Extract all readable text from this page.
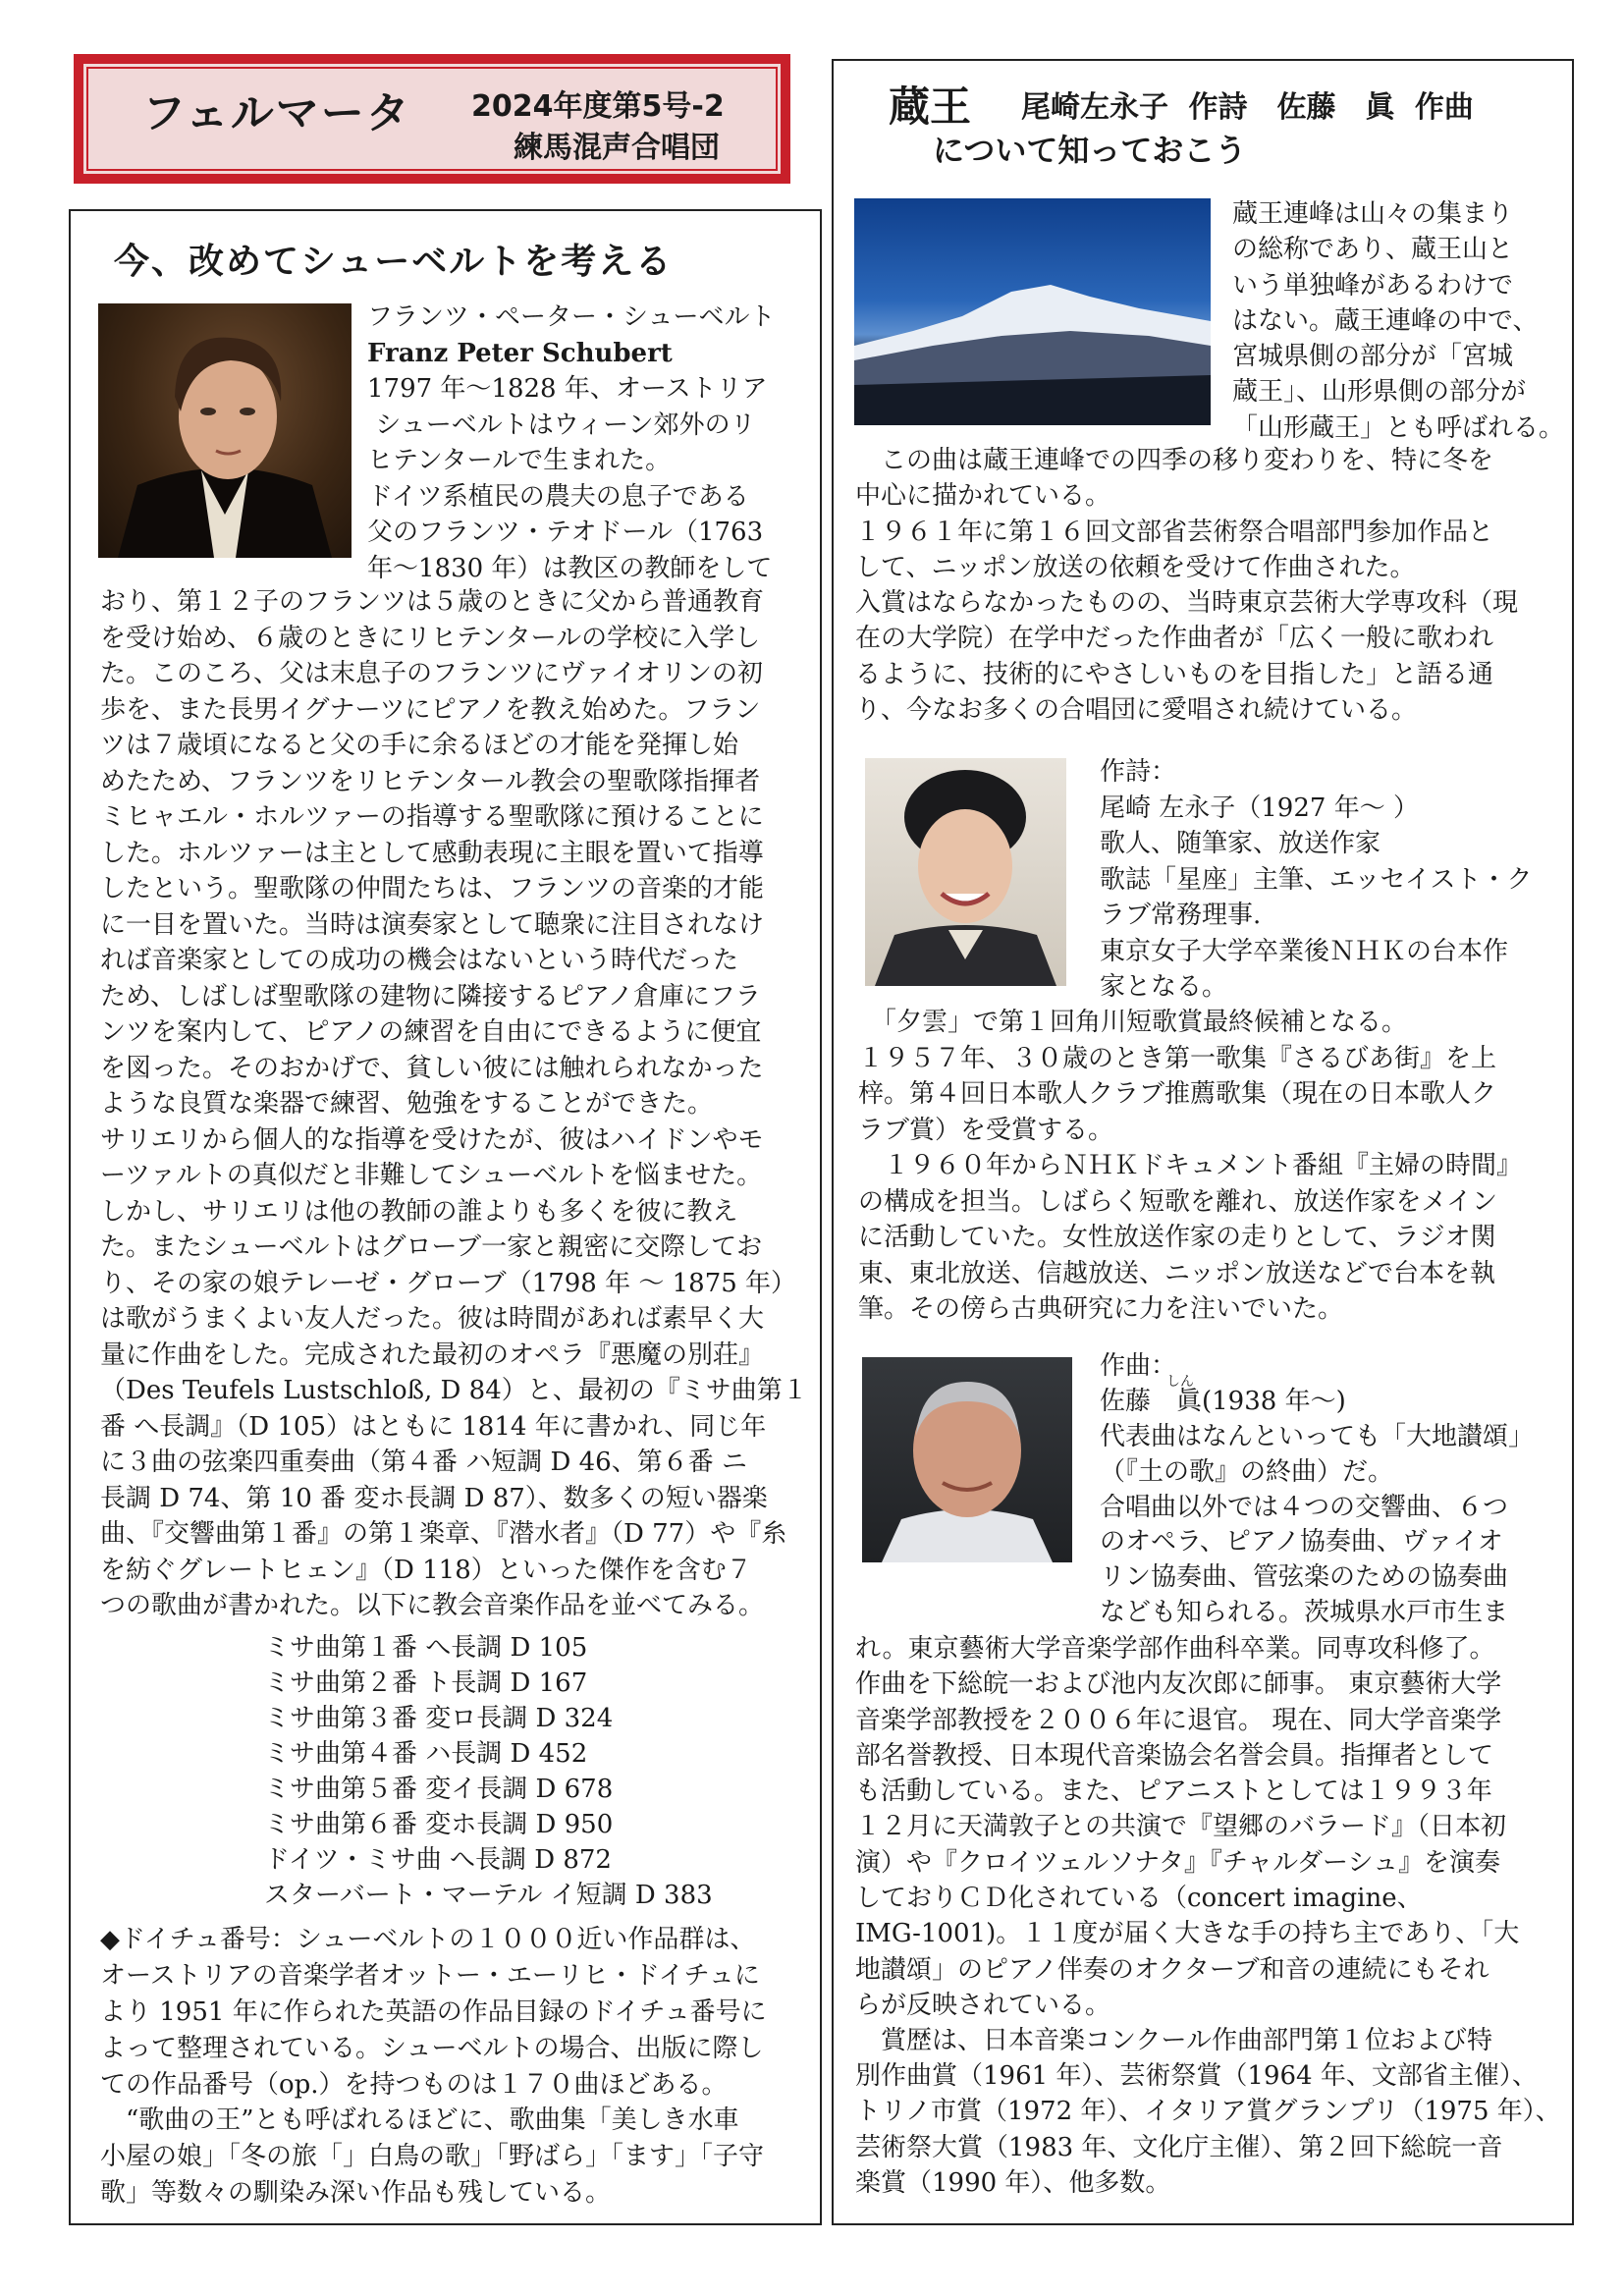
フェルマータ 2024年度第5号-2
練馬混声合唱団
今、改めてシューベルトを考える
蔵王 尾崎左永子 作詩　佐藤　眞 作曲
について知っておこう
フランツ・ペーター・シューベルト
Franz Peter Schubert
1797 年～1828 年、オーストリア
シューベルトはウィーン郊外のリ
ヒテンタールで生まれた。
ドイツ系植民の農夫の息子である
父のフランツ・テオドール（1763
年～1830 年）は教区の教師をして
おり、第１２子のフランツは５歳のときに父から普通教育
を受け始め、６歳のときにリヒテンタールの学校に入学し
た。このころ、父は末息子のフランツにヴァイオリンの初
歩を、また長男イグナーツにピアノを教え始めた。フラン
ツは７歳頃になると父の手に余るほどの才能を発揮し始
めたため、フランツをリヒテンタール教会の聖歌隊指揮者
ミヒャエル・ホルツァーの指導する聖歌隊に預けることに
した。ホルツァーは主として感動表現に主眼を置いて指導
したという。聖歌隊の仲間たちは、フランツの音楽的才能
に一目を置いた。当時は演奏家として聴衆に注目されなけ
れば音楽家としての成功の機会はないという時代だった
ため、しばしば聖歌隊の建物に隣接するピアノ倉庫にフラ
ンツを案内して、ピアノの練習を自由にできるように便宜
を図った。そのおかげで、貧しい彼には触れられなかった
ような良質な楽器で練習、勉強をすることができた。
サリエリから個人的な指導を受けたが、彼はハイドンやモ
ーツァルトの真似だと非難してシューベルトを悩ませた。
しかし、サリエリは他の教師の誰よりも多くを彼に教え
た。またシューベルトはグローブ一家と親密に交際してお
り、その家の娘テレーゼ・グローブ（1798 年 ～ 1875 年）
は歌がうまくよい友人だった。彼は時間があれば素早く大
量に作曲をした。完成された最初のオペラ『悪魔の別荘』
（Des Teufels Lustschloß, D 84）と、最初の『ミサ曲第１
番 へ長調』（D 105）はともに 1814 年に書かれ、同じ年
に３曲の弦楽四重奏曲（第４番 ハ短調 D 46、第６番 ニ
長調 D 74、第 10 番 変ホ長調 D 87）、数多くの短い器楽
曲、『交響曲第１番』の第１楽章、『潜水者』（D 77）や『糸
を紡ぐグレートヒェン』（D 118）といった傑作を含む７
つの歌曲が書かれた。以下に教会音楽作品を並べてみる。
ミサ曲第１番 へ長調 D 105
ミサ曲第２番 ト長調 D 167
ミサ曲第３番 変ロ長調 D 324
ミサ曲第４番 ハ長調 D 452
ミサ曲第５番 変イ長調 D 678
ミサ曲第６番 変ホ長調 D 950
ドイツ・ミサ曲 へ長調 D 872
スターバート・マーテル イ短調 D 383
◆ドイチュ番号：シューベルトの１０００近い作品群は、
オーストリアの音楽学者オットー・エーリヒ・ドイチュに
より 1951 年に作られた英語の作品目録のドイチュ番号に
よって整理されている。シューベルトの場合、出版に際し
ての作品番号（op.）を持つものは１７０曲ほどある。
　“歌曲の王”とも呼ばれるほどに、歌曲集「美しき水車
小屋の娘」「冬の旅「」白鳥の歌」「野ばら」「ます」「子守
歌」等数々の馴染み深い作品も残している。
蔵王連峰は山々の集まり
の総称であり、蔵王山と
いう単独峰があるわけで
はない。蔵王連峰の中で、
宮城県側の部分が「宮城
蔵王」、山形県側の部分が
「山形蔵王」とも呼ばれる。
　この曲は蔵王連峰での四季の移り変わりを、特に冬を
中心に描かれている。
１９６１年に第１６回文部省芸術祭合唱部門参加作品と
して、ニッポン放送の依頼を受けて作曲された。
入賞はならなかったものの、当時東京芸術大学専攻科（現
在の大学院）在学中だった作曲者が「広く一般に歌われ
るように、技術的にやさしいものを目指した」と語る通
り、今なお多くの合唱団に愛唱され続けている。
作詩：
尾崎 左永子（1927 年～ ）
歌人、随筆家、放送作家
歌誌「星座」主筆、エッセイスト・ク
ラブ常務理事.
東京女子大学卒業後ＮＨＫの台本作
家となる。
　「夕雲」で第１回角川短歌賞最終候補となる。
１９５７年、３０歳のとき第一歌集『さるびあ街』を上
梓。第４回日本歌人クラブ推薦歌集（現在の日本歌人ク
ラブ賞）を受賞する。
　１９６０年からＮＨＫドキュメント番組『主婦の時間』
の構成を担当。しばらく短歌を離れ、放送作家をメイン
に活動していた。女性放送作家の走りとして、ラジオ関
東、東北放送、信越放送、ニッポン放送などで台本を執
筆。その傍ら古典研究に力を注いでいた。
しん
作曲：
佐藤　眞(1938 年～)
代表曲はなんといっても「大地讃頌」
（『土の歌』の終曲）だ。
合唱曲以外では４つの交響曲、６つ
のオペラ、ピアノ協奏曲、ヴァイオ
リン協奏曲、管弦楽のための協奏曲
なども知られる。茨城県水戸市生ま
れ。東京藝術大学音楽学部作曲科卒業。同専攻科修了。
作曲を下総皖一および池内友次郎に師事。 東京藝術大学
音楽学部教授を２００６年に退官。 現在、同大学音楽学
部名誉教授、日本現代音楽協会名誉会員。指揮者として
も活動している。また、ピアニストとしては１９９３年
１２月に天満敦子との共演で『望郷のバラード』（日本初
演）や『クロイツェルソナタ』『チャルダーシュ』を演奏
しておりＣＤ化されている（concert imagine、
IMG-1001)。１１度が届く大きな手の持ち主であり、「大
地讃頌」のピアノ伴奏のオクターブ和音の連続にもそれ
らが反映されている。
　賞歴は、日本音楽コンクール作曲部門第１位および特
別作曲賞（1961 年）、芸術祭賞（1964 年、文部省主催）、
トリノ市賞（1972 年）、イタリア賞グランプリ（1975 年）、
芸術祭大賞（1983 年、文化庁主催）、第２回下総皖一音
楽賞（1990 年）、他多数。
